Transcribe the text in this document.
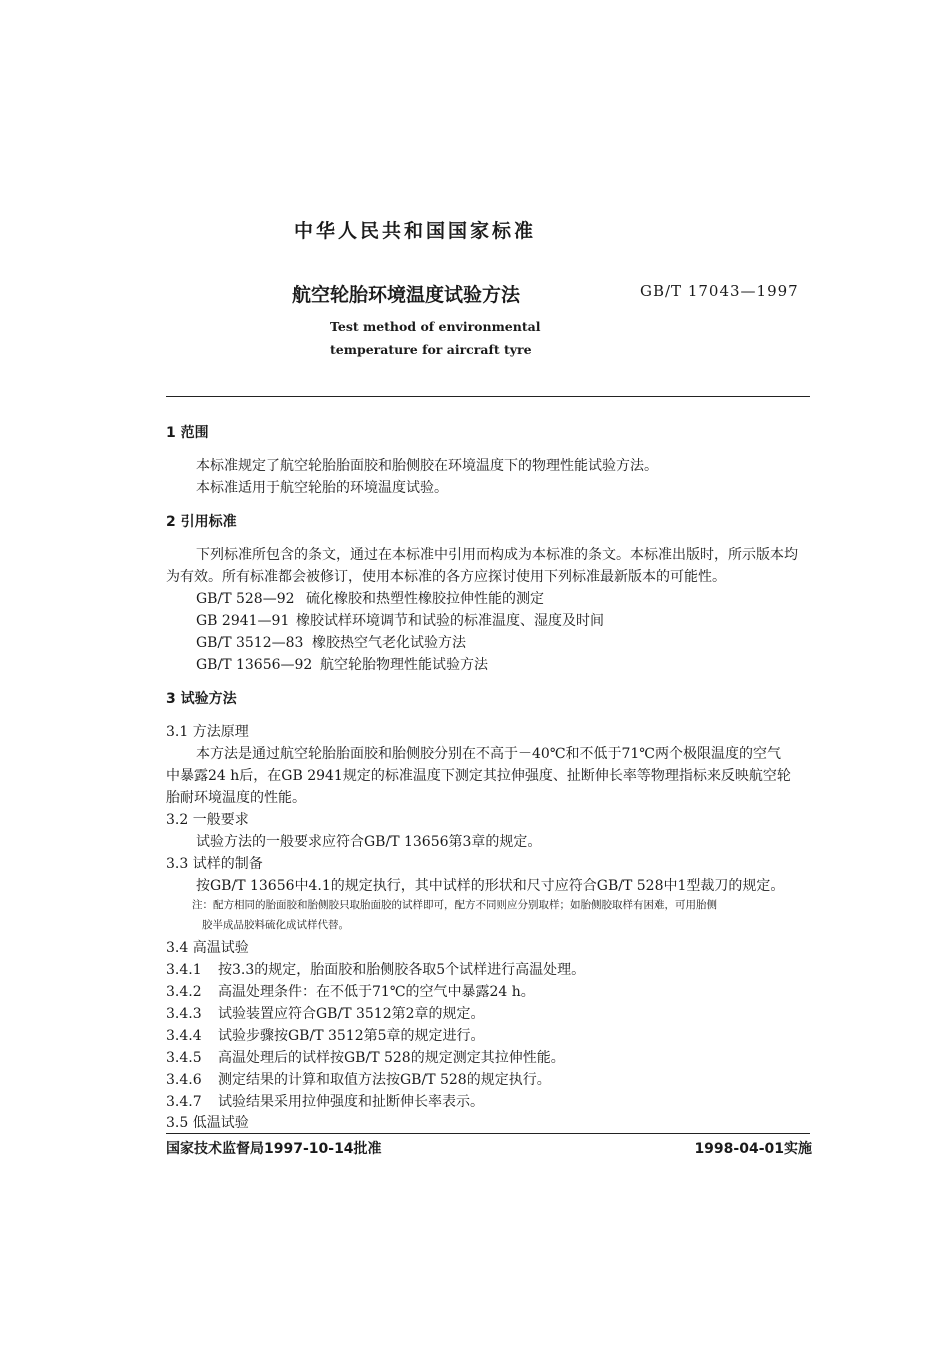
中华人民共和国国家标准
航空轮胎环境温度试验方法	GB/T 17043—1997
Test method of environmental
temperature for aircraft tyre
1 范围
本标准规定了航空轮胎胎面胶和胎侧胶在环境温度下的物理性能试验方法。
本标准适用于航空轮胎的环境温度试验。
2 引用标准
下列标准所包含的条文，通过在本标准中引用而构成为本标准的条文。本标准出版时，所示版本均
为有效。所有标准都会被修订，使用本标准的各方应探讨使用下列标准最新版本的可能性。
GB/T 528—92 硫化橡胶和热塑性橡胶拉伸性能的测定
GB 2941—91 橡胶试样环境调节和试验的标准温度、湿度及时间
GB/T 3512—83 橡胶热空气老化试验方法
GB/T 13656—92 航空轮胎物理性能试验方法
3 试验方法
3.1 方法原理
本方法是通过航空轮胎胎面胶和胎侧胶分别在不高于－40℃和不低于71℃两个极限温度的空气
中暴露24 h后，在GB 2941规定的标准温度下测定其拉伸强度、扯断伸长率等物理指标来反映航空轮
胎耐环境温度的性能。
3.2 一般要求
试验方法的一般要求应符合GB/T 13656第3章的规定。
3.3 试样的制备
按GB/T 13656中4.1的规定执行，其中试样的形状和尺寸应符合GB/T 528中1型裁刀的规定。
注：配方相同的胎面胶和胎侧胶只取胎面胶的试样即可，配方不同则应分别取样；如胎侧胶取样有困难，可用胎侧
胶半成品胶料硫化成试样代替。
3.4 高温试验
3.4.1 按3.3的规定，胎面胶和胎侧胶各取5个试样进行高温处理。
3.4.2 高温处理条件：在不低于71℃的空气中暴露24 h。
3.4.3 试验装置应符合GB/T 3512第2章的规定。
3.4.4 试验步骤按GB/T 3512第5章的规定进行。
3.4.5 高温处理后的试样按GB/T 528的规定测定其拉伸性能。
3.4.6 测定结果的计算和取值方法按GB/T 528的规定执行。
3.4.7 试验结果采用拉伸强度和扯断伸长率表示。
3.5 低温试验
国家技术监督局1997-10-14批准	1998-04-01实施
